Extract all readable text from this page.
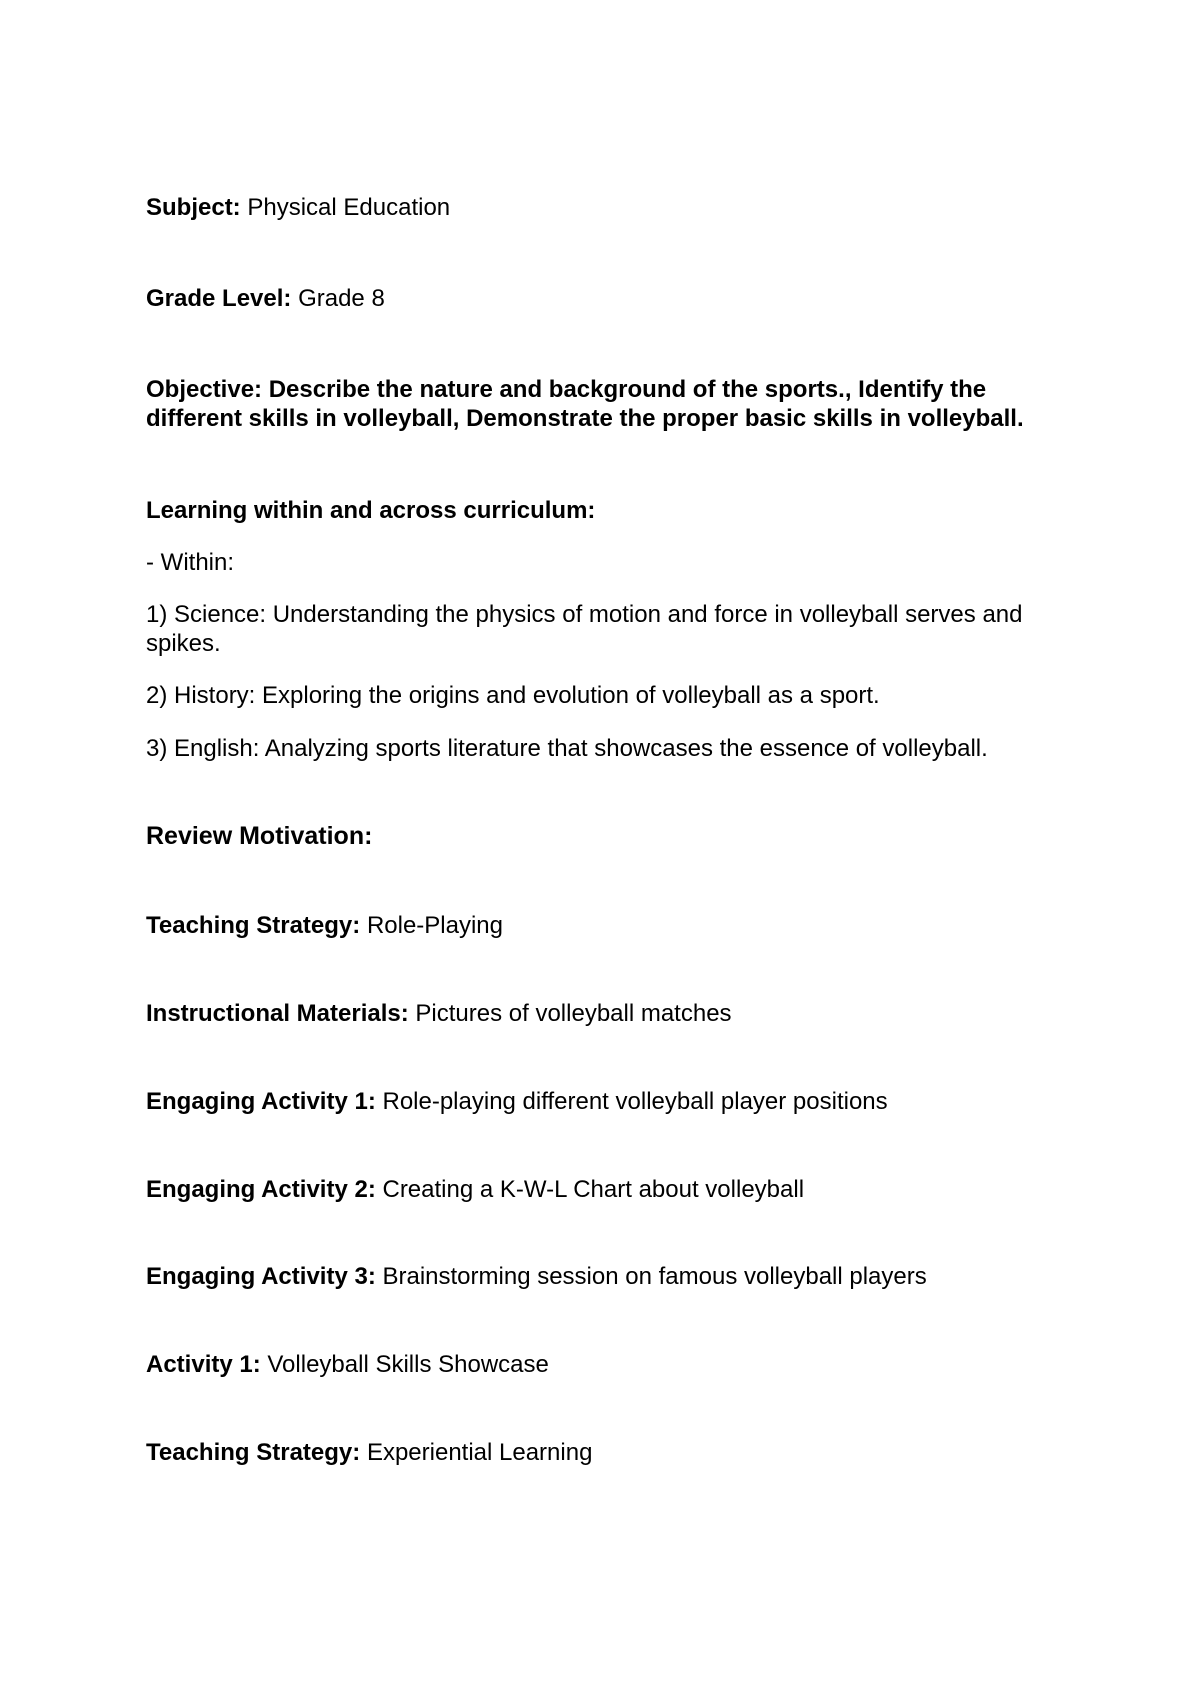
Subject: Physical Education

Grade Level: Grade 8

Objective: Describe the nature and background of the sports., Identify the different skills in volleyball, Demonstrate the proper basic skills in volleyball.

Learning within and across curriculum:

- Within:

1) Science: Understanding the physics of motion and force in volleyball serves and spikes.

2) History: Exploring the origins and evolution of volleyball as a sport.

3) English: Analyzing sports literature that showcases the essence of volleyball.

Review Motivation:

Teaching Strategy: Role-Playing

Instructional Materials: Pictures of volleyball matches

Engaging Activity 1: Role-playing different volleyball player positions

Engaging Activity 2: Creating a K-W-L Chart about volleyball

Engaging Activity 3: Brainstorming session on famous volleyball players

Activity 1: Volleyball Skills Showcase

Teaching Strategy: Experiential Learning
